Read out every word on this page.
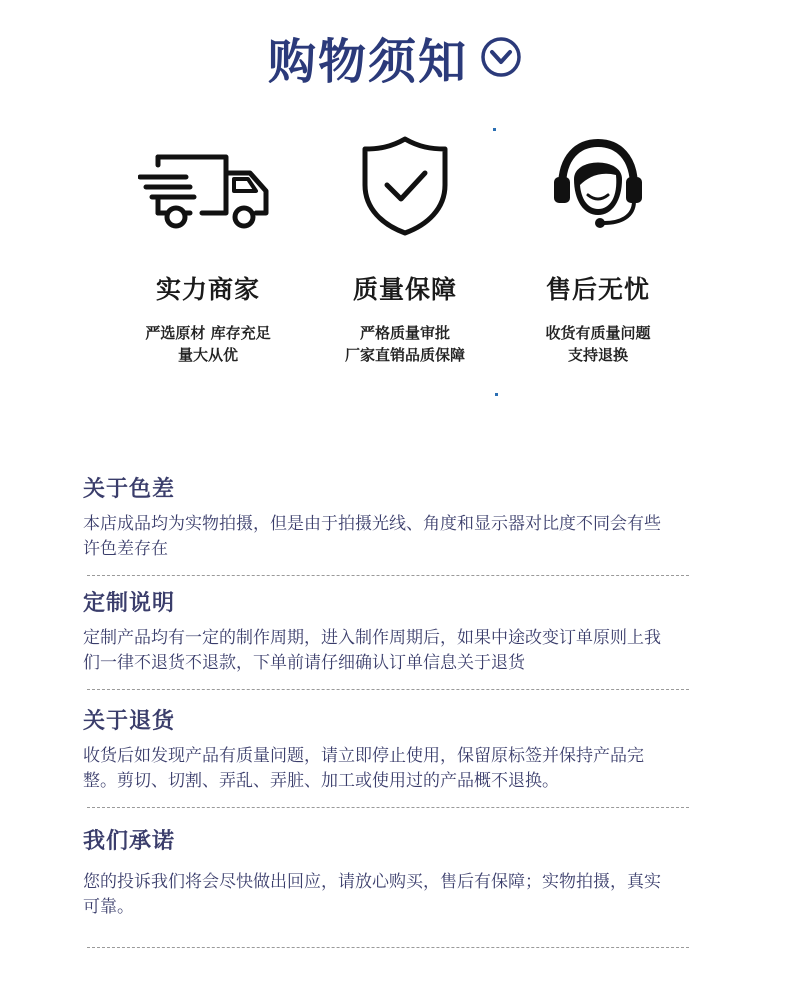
购物须知
实力商家
严选原材 库存充足
量大从优
质量保障
严格质量审批
厂家直销品质保障
售后无忧
收货有质量问题
支持退换
关于色差
本店成品均为实物拍摄，但是由于拍摄光线、角度和显示器对比度不同会有些许色差存在
定制说明
定制产品均有一定的制作周期，进入制作周期后，如果中途改变订单原则上我们一律不退货不退款，下单前请仔细确认订单信息关于退货
关于退货
收货后如发现产品有质量问题，请立即停止使用，保留原标签并保持产品完整。剪切、切割、弄乱、弄脏、加工或使用过的产品概不退换。
我们承诺
您的投诉我们将会尽快做出回应，请放心购买，售后有保障；实物拍摄，真实可靠。
